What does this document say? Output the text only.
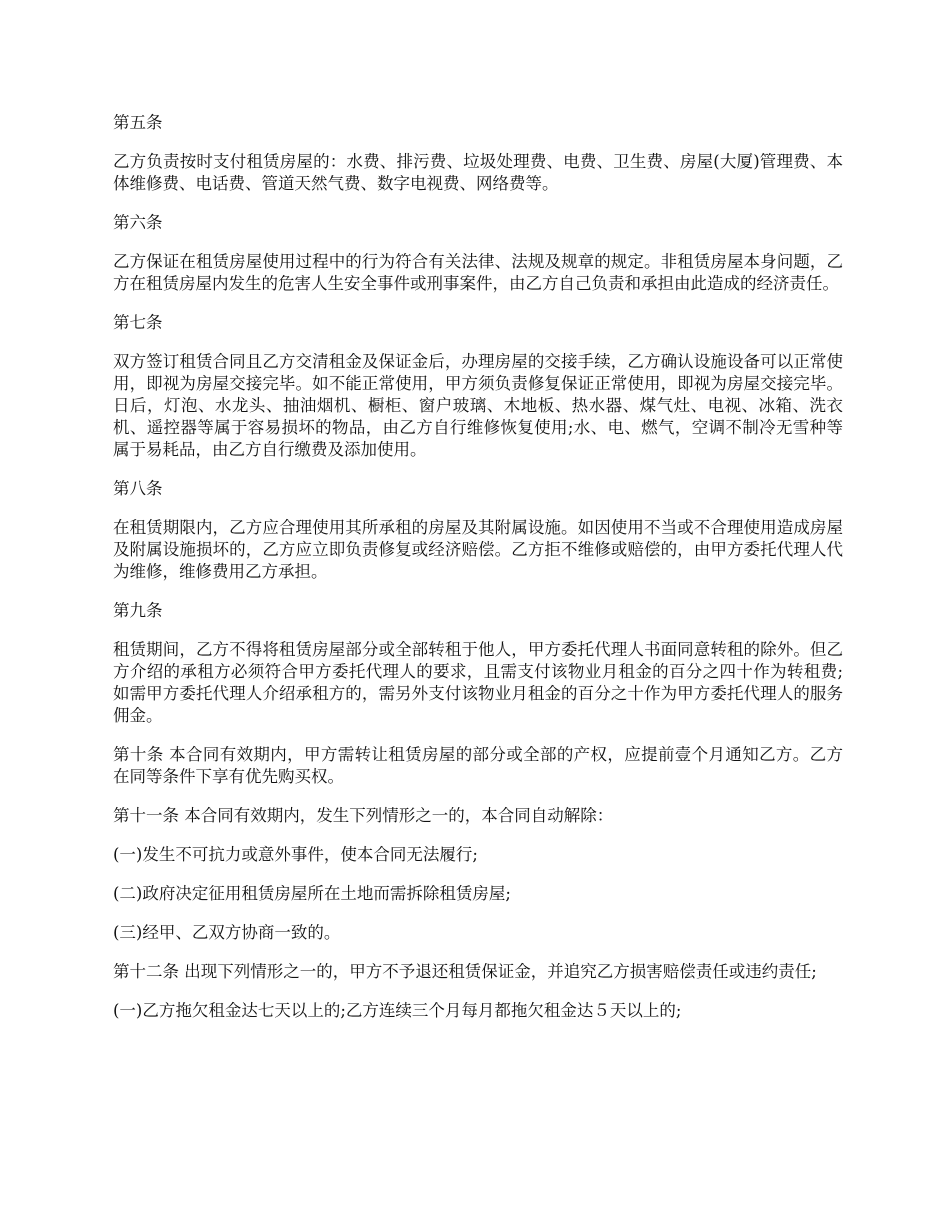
第五条

乙方负责按时支付租赁房屋的：水费、排污费、垃圾处理费、电费、卫生费、房屋(大厦)管理费、本体维修费、电话费、管道天然气费、数字电视费、网络费等。

第六条

乙方保证在租赁房屋使用过程中的行为符合有关法律、法规及规章的规定。非租赁房屋本身问题，乙方在租赁房屋内发生的危害人生安全事件或刑事案件，由乙方自己负责和承担由此造成的经济责任。

第七条

双方签订租赁合同且乙方交清租金及保证金后，办理房屋的交接手续，乙方确认设施设备可以正常使用，即视为房屋交接完毕。如不能正常使用，甲方须负责修复保证正常使用，即视为房屋交接完毕。日后，灯泡、水龙头、抽油烟机、橱柜、窗户玻璃、木地板、热水器、煤气灶、电视、冰箱、洗衣机、遥控器等属于容易损坏的物品，由乙方自行维修恢复使用;水、电、燃气，空调不制冷无雪种等属于易耗品，由乙方自行缴费及添加使用。

第八条

在租赁期限内，乙方应合理使用其所承租的房屋及其附属设施。如因使用不当或不合理使用造成房屋及附属设施损坏的，乙方应立即负责修复或经济赔偿。乙方拒不维修或赔偿的，由甲方委托代理人代为维修，维修费用乙方承担。

第九条

租赁期间，乙方不得将租赁房屋部分或全部转租于他人，甲方委托代理人书面同意转租的除外。但乙方介绍的承租方必须符合甲方委托代理人的要求，且需支付该物业月租金的百分之四十作为转租费;如需甲方委托代理人介绍承租方的，需另外支付该物业月租金的百分之十作为甲方委托代理人的服务佣金。

第十条 本合同有效期内，甲方需转让租赁房屋的部分或全部的产权，应提前壹个月通知乙方。乙方在同等条件下享有优先购买权。

第十一条 本合同有效期内，发生下列情形之一的，本合同自动解除：

(一)发生不可抗力或意外事件，使本合同无法履行;

(二)政府决定征用租赁房屋所在土地而需拆除租赁房屋;

(三)经甲、乙双方协商一致的。

第十二条 出现下列情形之一的，甲方不予退还租赁保证金，并追究乙方损害赔偿责任或违约责任;

(一)乙方拖欠租金达七天以上的;乙方连续三个月每月都拖欠租金达５天以上的;
